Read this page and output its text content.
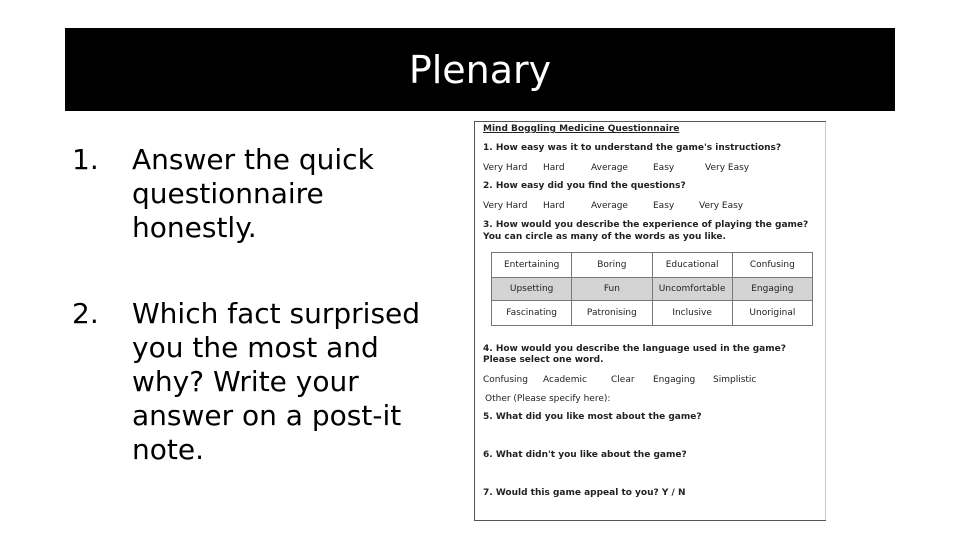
Plenary
1.	Answer the quick questionnaire honestly.
2.	Which fact surprised you the most and why? Write your answer on a post-it note.
Mind Boggling Medicine Questionnaire
1. How easy was it to understand the game's instructions?
Very Hard Hard	Average	Easy	Very Easy
2. How easy did you find the questions?
Very Hard Hard	Average	Easy	Very Easy
3. How would you describe the experience of playing the game? You can circle as many of the words as you like.
Entertaining	Boring	Educational	Confusing
Upsetting	Fun	Uncomfortable	Engaging
Fascinating	Patronising	Inclusive	Unoriginal
4. How would you describe the language used in the game? Please select one word.
Confusing Academic	Clear Engaging Simplistic
Other (Please specify here):
5. What did you like most about the game?
6. What didn't you like about the game?
7. Would this game appeal to you? Y / N
